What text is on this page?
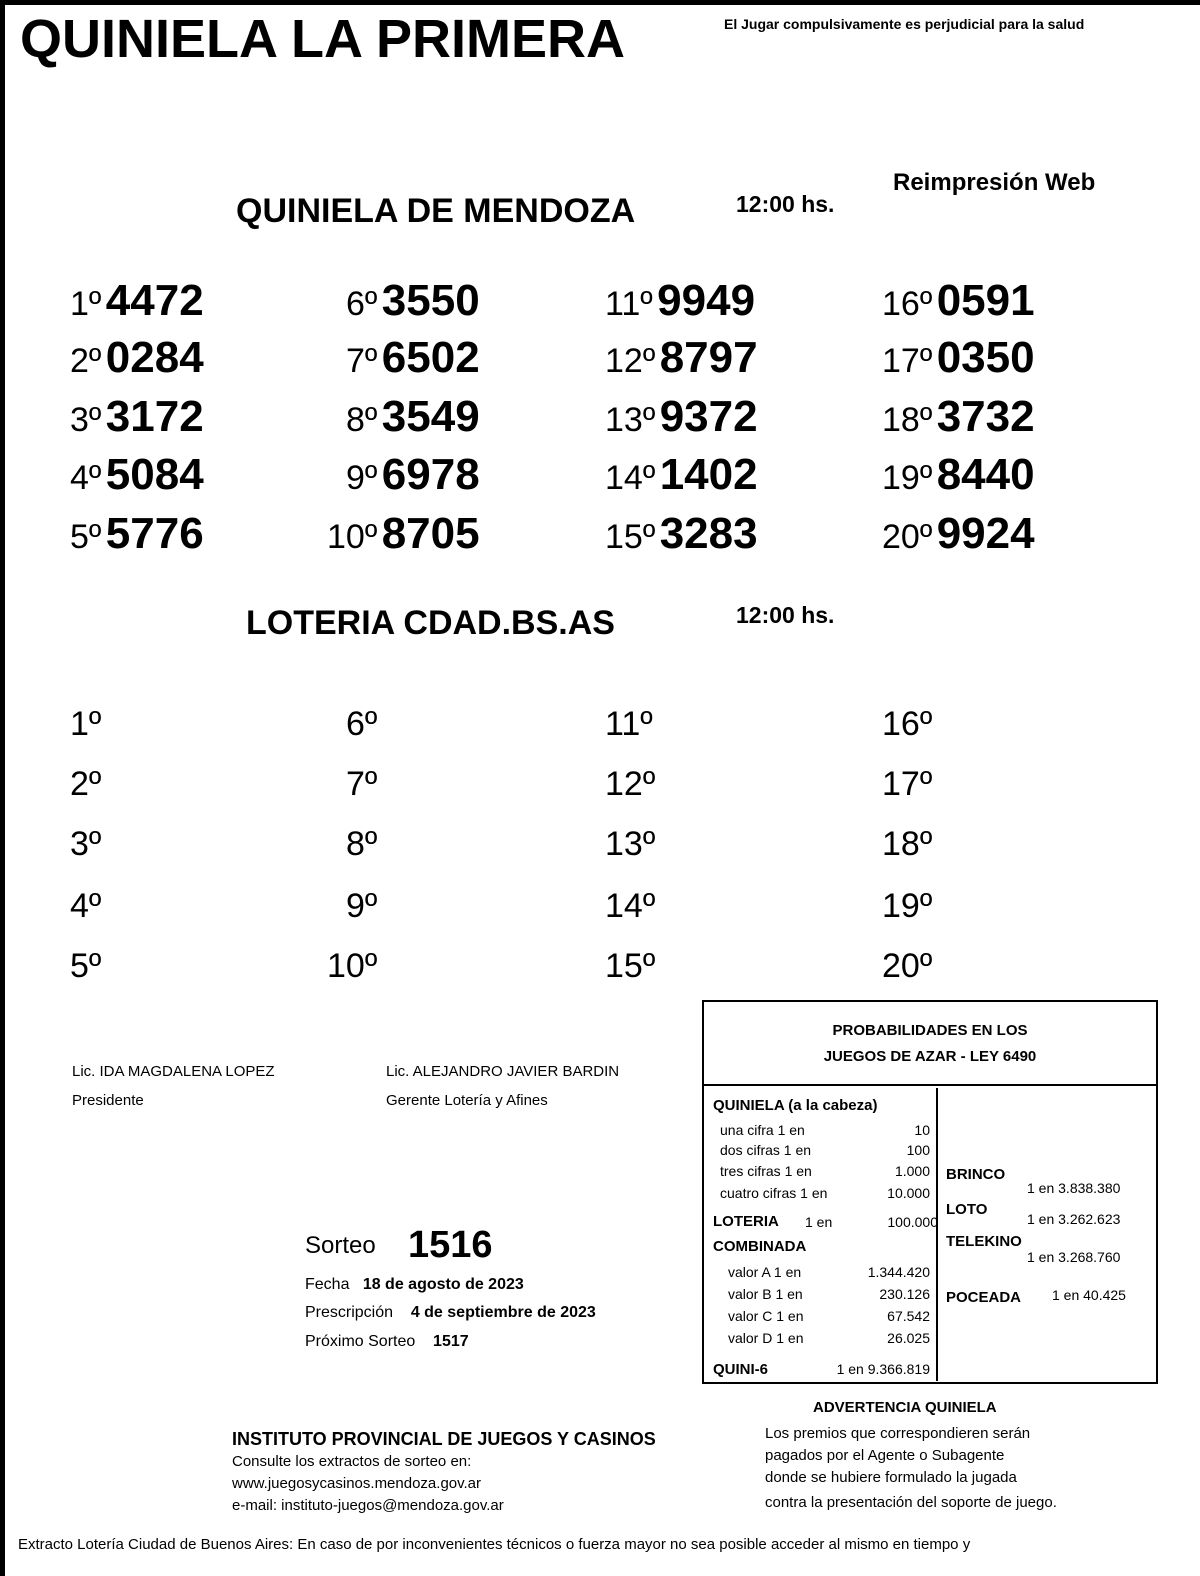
QUINIELA LA PRIMERA	El Jugar compulsivamente es perjudicial para la salud
Reimpresión Web
QUINIELA DE MENDOZA	12:00 hs.
1º 4472
2º 0284
3º 3172
4º 5084
5º 5776
6º 3550
7º 6502
8º 3549
9º 6978
10º 8705
11º 9949
12º 8797
13º 9372
14º 1402
15º 3283
16º 0591
17º 0350
18º 3732
19º 8440
20º 9924
LOTERIA CDAD.BS.AS	12:00 hs.
1º
2º
3º
4º
5º
6º
7º
8º
9º
10º
11º
12º
13º
14º
15º
16º
17º
18º
19º
20º
Lic. IDA MAGDALENA LOPEZ
Presidente
Lic. ALEJANDRO JAVIER BARDIN
Gerente Lotería y Afines
Sorteo 1516
Fecha 18 de agosto de 2023
Prescripción 4 de septiembre de 2023
Próximo Sorteo 1517
PROBABILIDADES EN LOS
JUEGOS DE AZAR - LEY 6490
QUINIELA (a la cabeza)
una cifra 1 en	10
dos cifras 1 en	100
tres cifras 1 en	1.000
cuatro cifras 1 en	10.000
LOTERIA 1 en	100.000
COMBINADA
valor A 1 en	1.344.420
valor B 1 en	230.126
valor C 1 en	67.542
valor D 1 en	26.025
QUINI-6	1 en 9.366.819
BRINCO
1 en 3.838.380
LOTO
1 en 3.262.623
TELEKINO
1 en 3.268.760
POCEADA 1 en 40.425
ADVERTENCIA QUINIELA
Los premios que correspondieren serán
pagados por el Agente o Subagente
donde se hubiere formulado la jugada
contra la presentación del soporte de juego.
INSTITUTO PROVINCIAL DE JUEGOS Y CASINOS
Consulte los extractos de sorteo en:
www.juegosycasinos.mendoza.gov.ar
e-mail: instituto-juegos@mendoza.gov.ar
Extracto Lotería Ciudad de Buenos Aires: En caso de por inconvenientes técnicos o fuerza mayor no sea posible acceder al mismo en tiempo y
